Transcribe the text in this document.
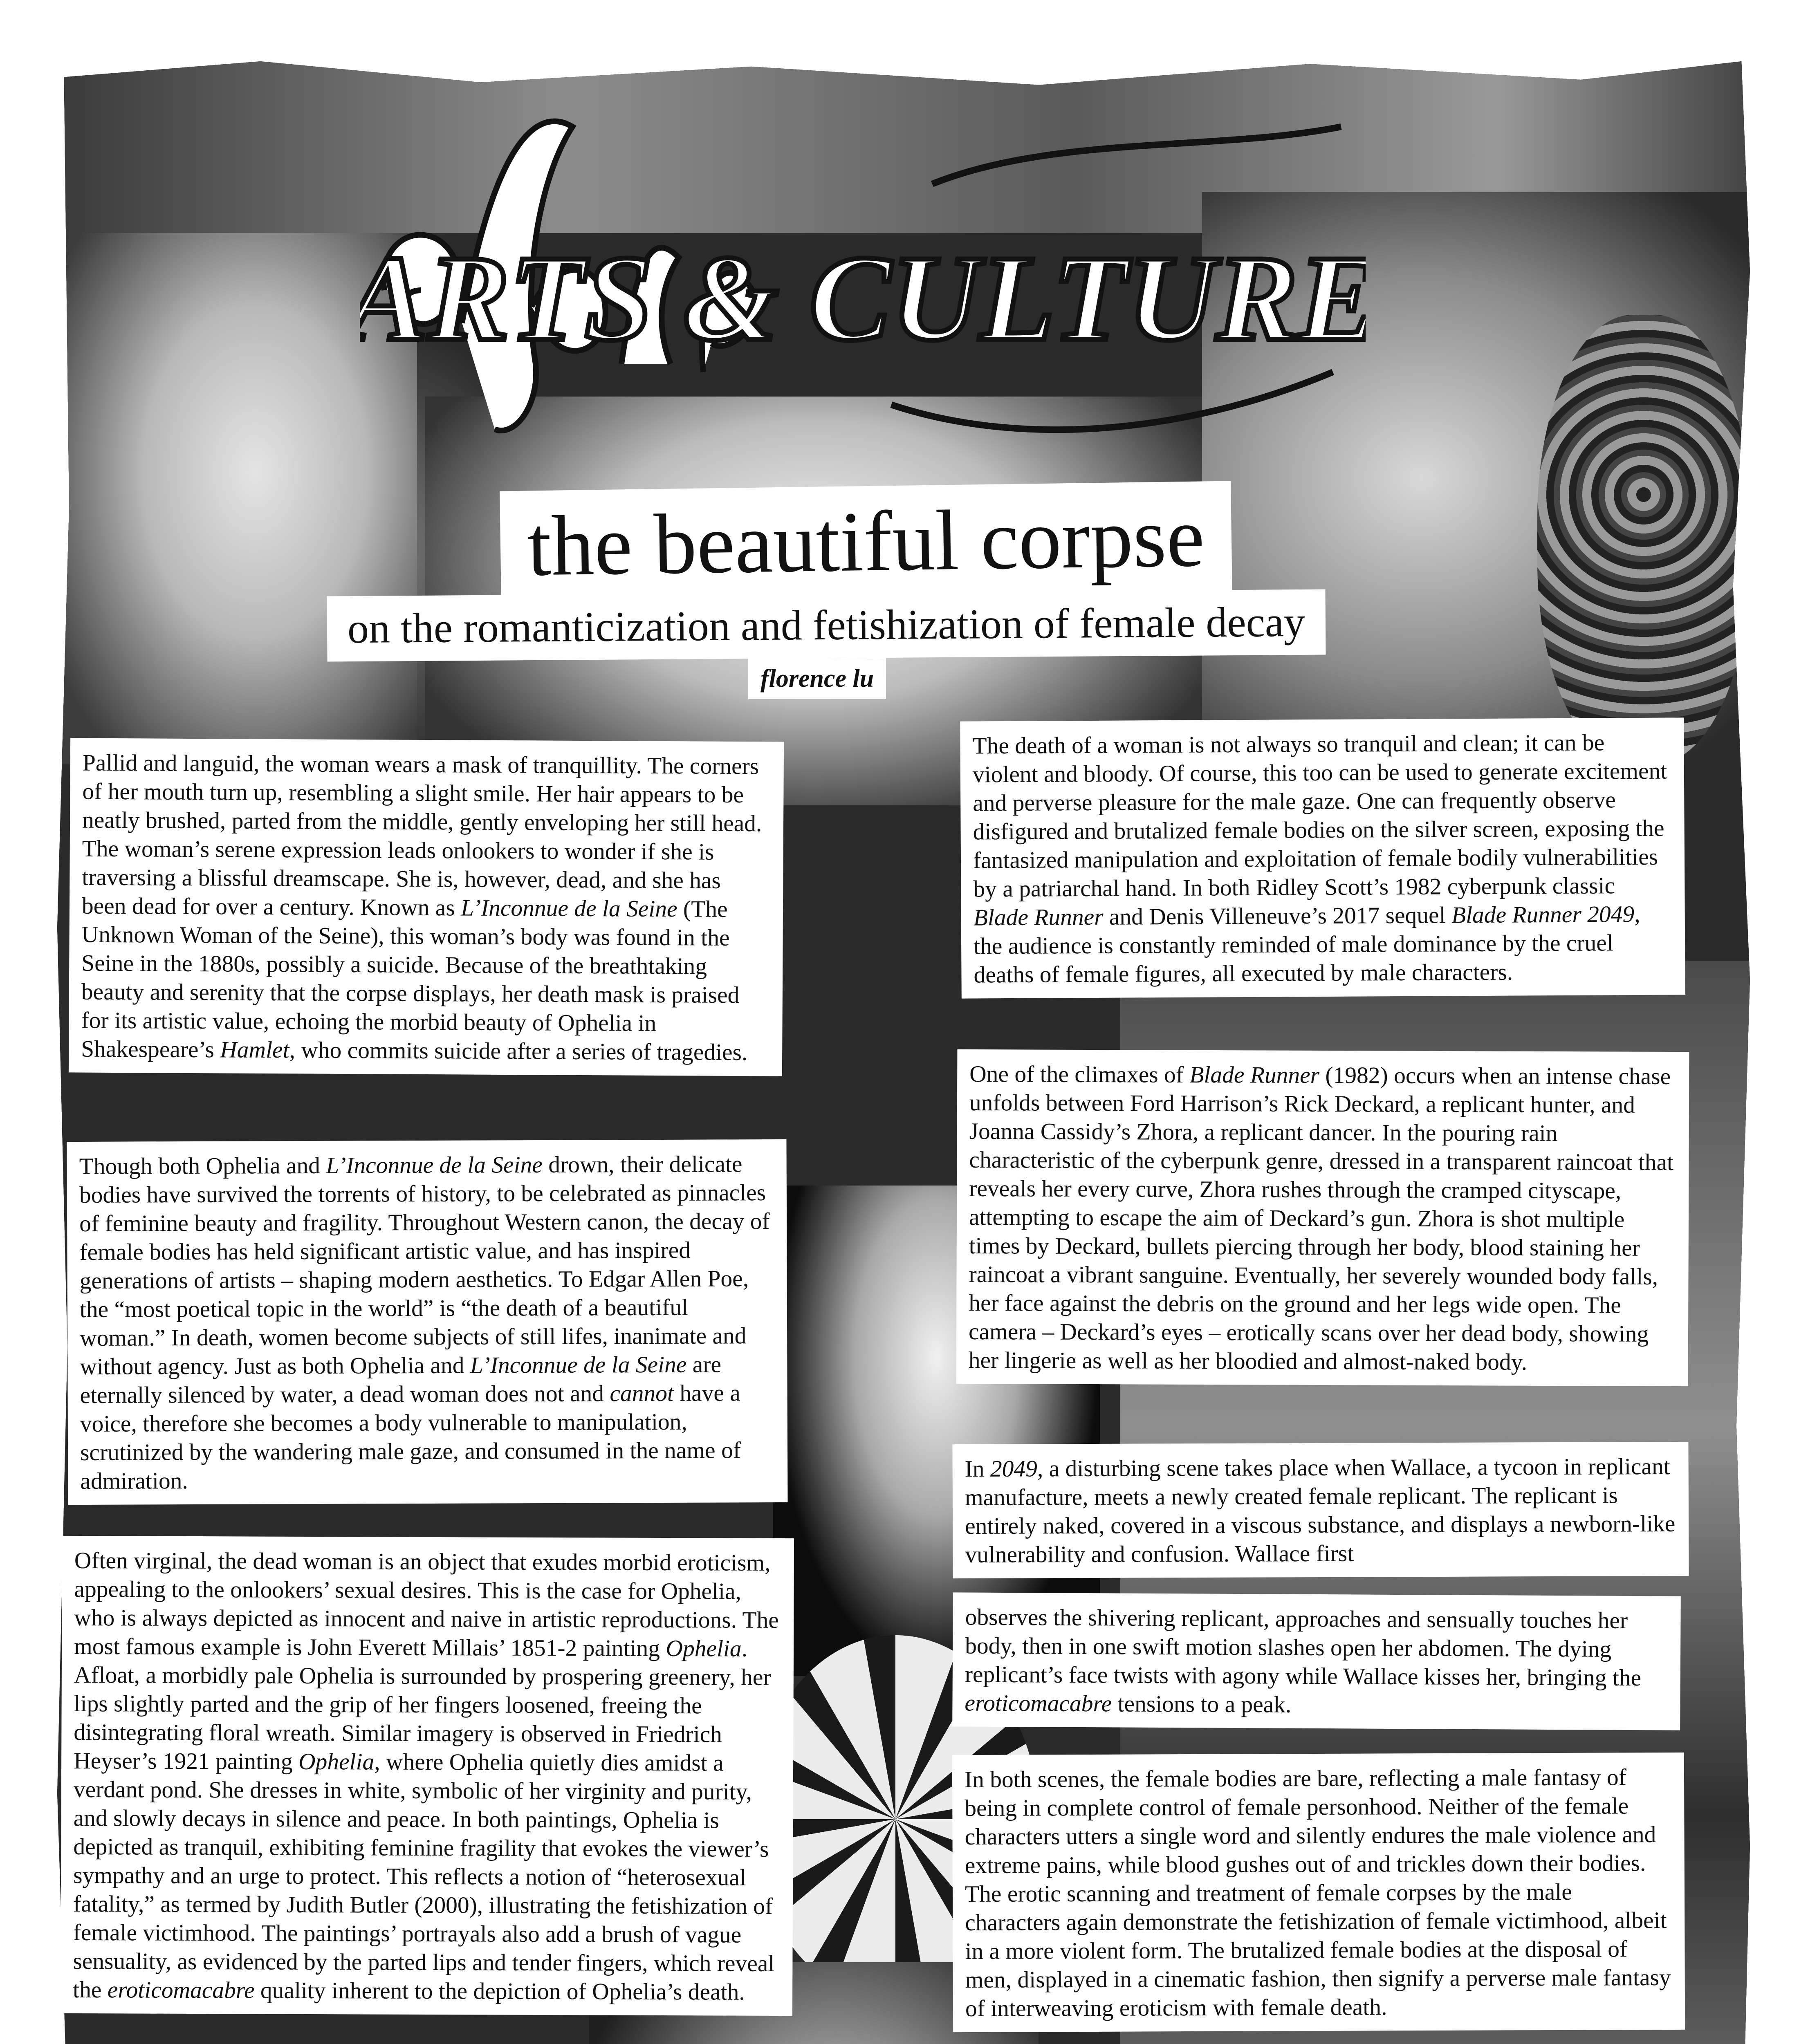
ARTS & CULTURE
the beautiful corpse
on the romanticization and fetishization of female decay
florence lu

Pallid and languid, the woman wears a mask of tranquillity. The corners of her mouth turn up, resembling a slight smile. Her hair appears to be neatly brushed, parted from the middle, gently enveloping her still head. The woman’s serene expression leads onlookers to wonder if she is traversing a blissful dreamscape. She is, however, dead, and she has been dead for over a century. Known as L’Inconnue de la Seine (The Unknown Woman of the Seine), this woman’s body was found in the Seine in the 1880s, possibly a suicide. Because of the breathtaking beauty and serenity that the corpse displays, her death mask is praised for its artistic value, echoing the morbid beauty of Ophelia in Shakespeare’s Hamlet, who commits suicide after a series of tragedies.

Though both Ophelia and L’Inconnue de la Seine drown, their delicate bodies have survived the torrents of history, to be celebrated as pinnacles of feminine beauty and fragility. Throughout Western canon, the decay of female bodies has held significant artistic value, and has inspired generations of artists – shaping modern aesthetics. To Edgar Allen Poe, the “most poetical topic in the world” is “the death of a beautiful woman.” In death, women become subjects of still lifes, inanimate and without agency. Just as both Ophelia and L’Inconnue de la Seine are eternally silenced by water, a dead woman does not and cannot have a voice, therefore she becomes a body vulnerable to manipulation, scrutinized by the wandering male gaze, and consumed in the name of admiration.

Often virginal, the dead woman is an object that exudes morbid eroticism, appealing to the onlookers’ sexual desires. This is the case for Ophelia, who is always depicted as innocent and naive in artistic reproductions. The most famous example is John Everett Millais’ 1851-2 painting Ophelia. Afloat, a morbidly pale Ophelia is surrounded by prospering greenery, her lips slightly parted and the grip of her fingers loosened, freeing the disintegrating floral wreath. Similar imagery is observed in Friedrich Heyser’s 1921 painting Ophelia, where Ophelia quietly dies amidst a verdant pond. She dresses in white, symbolic of her virginity and purity, and slowly decays in silence and peace. In both paintings, Ophelia is depicted as tranquil, exhibiting feminine fragility that evokes the viewer’s sympathy and an urge to protect. This reflects a notion of “heterosexual fatality,” as termed by Judith Butler (2000), illustrating the fetishization of female victimhood. The paintings’ portrayals also add a brush of vague sensuality, as evidenced by the parted lips and tender fingers, which reveal the eroticomacabre quality inherent to the depiction of Ophelia’s death.

The death of a woman is not always so tranquil and clean; it can be violent and bloody. Of course, this too can be used to generate excitement and perverse pleasure for the male gaze. One can frequently observe disfigured and brutalized female bodies on the silver screen, exposing the fantasized manipulation and exploitation of female bodily vulnerabilities by a patriarchal hand. In both Ridley Scott’s 1982 cyberpunk classic Blade Runner and Denis Villeneuve’s 2017 sequel Blade Runner 2049, the audience is constantly reminded of male dominance by the cruel deaths of female figures, all executed by male characters.

One of the climaxes of Blade Runner (1982) occurs when an intense chase unfolds between Ford Harrison’s Rick Deckard, a replicant hunter, and Joanna Cassidy’s Zhora, a replicant dancer. In the pouring rain characteristic of the cyberpunk genre, dressed in a transparent raincoat that reveals her every curve, Zhora rushes through the cramped cityscape, attempting to escape the aim of Deckard’s gun. Zhora is shot multiple times by Deckard, bullets piercing through her body, blood staining her raincoat a vibrant sanguine. Eventually, her severely wounded body falls, her face against the debris on the ground and her legs wide open. The camera – Deckard’s eyes – erotically scans over her dead body, showing her lingerie as well as her bloodied and almost-naked body.

In 2049, a disturbing scene takes place when Wallace, a tycoon in replicant manufacture, meets a newly created female replicant. The replicant is entirely naked, covered in a viscous substance, and displays a newborn-like vulnerability and confusion. Wallace first

observes the shivering replicant, approaches and sensually touches her body, then in one swift motion slashes open her abdomen. The dying replicant’s face twists with agony while Wallace kisses her, bringing the eroticomacabre tensions to a peak.

In both scenes, the female bodies are bare, reflecting a male fantasy of being in complete control of female personhood. Neither of the female characters utters a single word and silently endures the male violence and extreme pains, while blood gushes out of and trickles down their bodies. The erotic scanning and treatment of female corpses by the male characters again demonstrate the fetishization of female victimhood, albeit in a more violent form. The brutalized female bodies at the disposal of men, displayed in a cinematic fashion, then signify a perverse male fantasy of interweaving eroticism with female death.
